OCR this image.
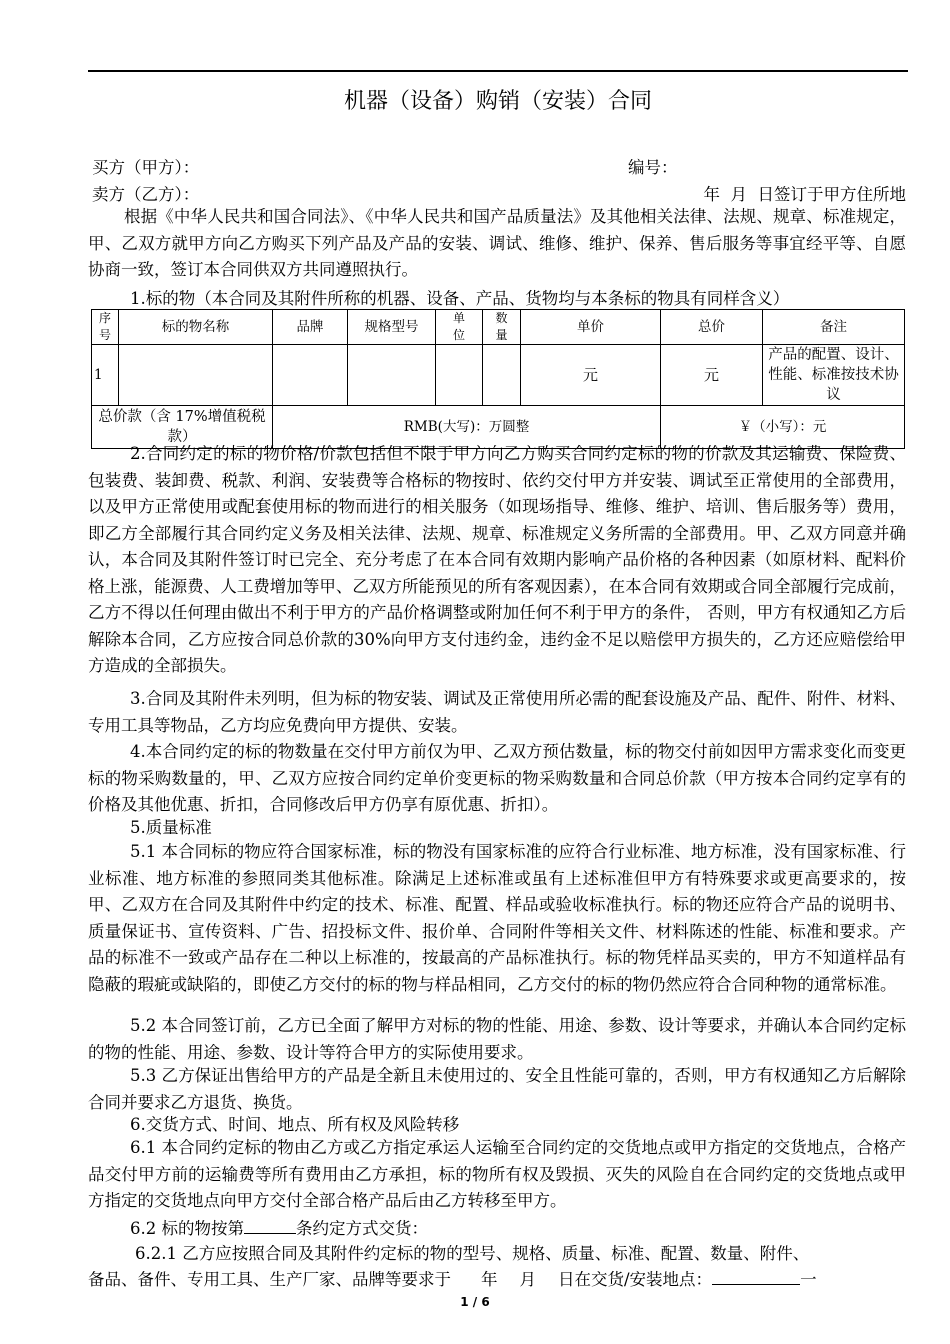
机器（设备）购销（安装）合同
买方（甲方）：	编号：
卖方（乙方）：	年  月  日签订于甲方住所地
根据《中华人民共和国合同法》、《中华人民共和国产品质量法》及其他相关法律、法规、规章、标准规定，甲、乙双方就甲方向乙方购买下列产品及产品的安装、调试、维修、维护、保养、售后服务等事宜经平等、自愿协商一致，签订本合同供双方共同遵照执行。
1.标的物（本合同及其附件所称的机器、设备、产品、货物均与本条标的物具有同样含义）
序号	标的物名称	品牌	规格型号	单位	数量	单价	总价	备注
1						元	元	产品的配置、设计、性能、标准按技术协议
总价款（含 17%增值税税款）		RMB(大写)：万圆整					￥（小写）：元	
2.合同约定的标的物价格/价款包括但不限于甲方向乙方购买合同约定标的物的价款及其运输费、保险费、包装费、装卸费、税款、利润、安装费等合格标的物按时、依约交付甲方并安装、调试至正常使用的全部费用，以及甲方正常使用或配套使用标的物而进行的相关服务（如现场指导、维修、维护、培训、售后服务等）费用，即乙方全部履行其合同约定义务及相关法律、法规、规章、标准规定义务所需的全部费用。甲、乙双方同意并确认，本合同及其附件签订时已完全、充分考虑了在本合同有效期内影响产品价格的各种因素（如原材料、配料价格上涨，能源费、人工费增加等甲、乙双方所能预见的所有客观因素），在本合同有效期或合同全部履行完成前，乙方不得以任何理由做出不利于甲方的产品价格调整或附加任何不利于甲方的条件， 否则，甲方有权通知乙方后解除本合同，乙方应按合同总价款的30%向甲方支付违约金，违约金不足以赔偿甲方损失的，乙方还应赔偿给甲方造成的全部损失。
3.合同及其附件未列明，但为标的物安装、调试及正常使用所必需的配套设施及产品、配件、附件、材料、专用工具等物品，乙方均应免费向甲方提供、安装。
4.本合同约定的标的物数量在交付甲方前仅为甲、乙双方预估数量，标的物交付前如因甲方需求变化而变更标的物采购数量的，甲、乙双方应按合同约定单价变更标的物采购数量和合同总价款（甲方按本合同约定享有的价格及其他优惠、折扣，合同修改后甲方仍享有原优惠、折扣）。
5.质量标准
5.1 本合同标的物应符合国家标准，标的物没有国家标准的应符合行业标准、地方标准，没有国家标准、行业标准、地方标准的参照同类其他标准。除满足上述标准或虽有上述标准但甲方有特殊要求或更高要求的，按甲、乙双方在合同及其附件中约定的技术、标准、配置、样品或验收标准执行。标的物还应符合产品的说明书、质量保证书、宣传资料、广告、招投标文件、报价单、合同附件等相关文件、材料陈述的性能、标准和要求。产品的标准不一致或产品存在二种以上标准的，按最高的产品标准执行。标的物凭样品买卖的，甲方不知道样品有隐蔽的瑕疵或缺陷的，即使乙方交付的标的物与样品相同，乙方交付的标的物仍然应符合合同种物的通常标准。
5.2 本合同签订前，乙方已全面了解甲方对标的物的性能、用途、参数、设计等要求，并确认本合同约定标的物的性能、用途、参数、设计等符合甲方的实际使用要求。
5.3 乙方保证出售给甲方的产品是全新且未使用过的、安全且性能可靠的，否则，甲方有权通知乙方后解除合同并要求乙方退货、换货。
6.交货方式、时间、地点、所有权及风险转移
6.1 本合同约定标的物由乙方或乙方指定承运人运输至合同约定的交货地点或甲方指定的交货地点，合格产品交付甲方前的运输费等所有费用由乙方承担，标的物所有权及毁损、灭失的风险自在合同约定的交货地点或甲方指定的交货地点向甲方交付全部合格产品后由乙方转移至甲方。
6.2 标的物按第	条约定方式交货：
6.2.1 乙方应按照合同及其附件约定标的物的型号、规格、质量、标准、配置、数量、附件、
备品、备件、专用工具、生产厂家、品牌等要求于 年 月 日在交货/安装地点：	一
1 / 6
